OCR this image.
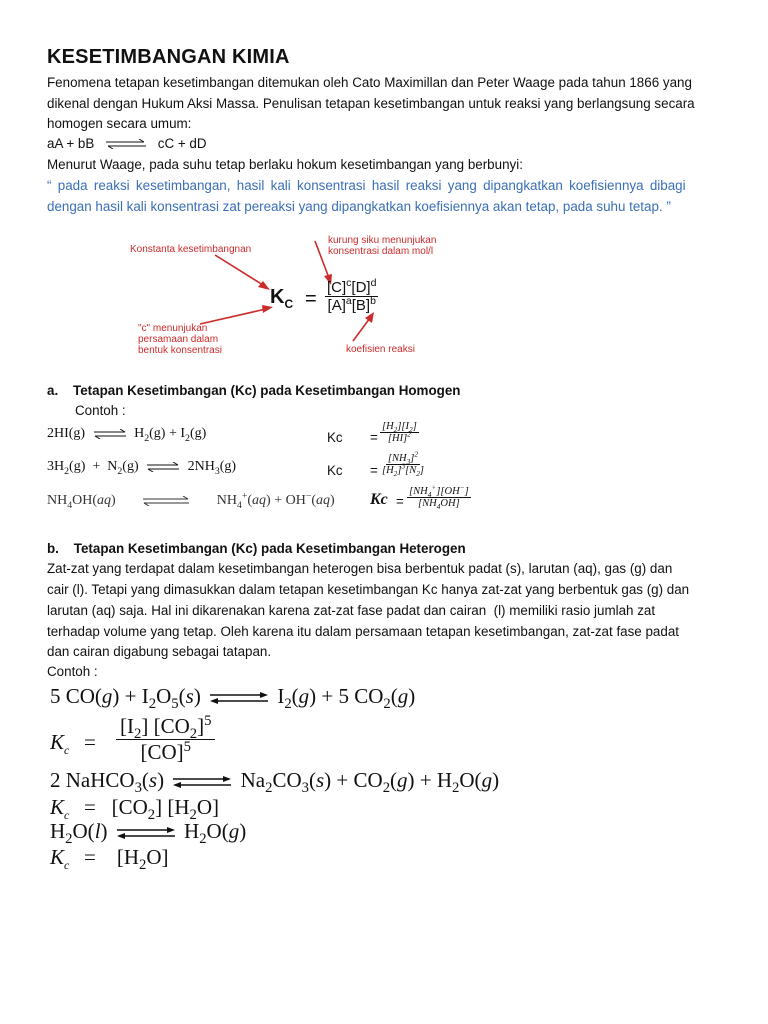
KESETIMBANGAN KIMIA
Fenomena tetapan kesetimbangan ditemukan oleh Cato Maximillan dan Peter Waage pada tahun 1866 yang
dikenal dengan Hukum Aksi Massa. Penulisan tetapan kesetimbangan untuk reaksi yang berlangsung secara
homogen secara umum:
aA + bB ⇌ cC + dD
Menurut Waage, pada suhu tetap berlaku hokum kesetimbangan yang berbunyi:
“ pada reaksi kesetimbangan, hasil kali konsentrasi hasil reaksi yang dipangkatkan koefisiennya dibagi
dengan hasil kali konsentrasi zat pereaksi yang dipangkatkan koefisiennya akan tetap, pada suhu tetap. ”
Konstanta kesetimbangnan
kurung siku menunjukan
konsentrasi dalam mol/l
"c" menunjukan
persamaan dalam
bentuk konsentrasi	koefisien reaksi
$K_C$ =
$[C]^c[D]^d$
$[A]^a[B]^b$
a.    Tetapan Kesetimbangan (Kc) pada Kesetimbangan Homogen
Contoh :
2HI(g) ⇌ $H_2(g) + I_2(g)$	$Kc = \frac{[H_2][I_2]}{[HI]^2}$
$3H_2(g) + N_2(g)$ ⇌ $2NH_3(g)$	$Kc = \frac{[NH_3]^2}{[H_2]^3[N_2]}$
$NH_4OH(aq)$	$NH_4^+(aq) + OH^-(aq) Kc = \frac{[NH_4^+][OH^-]}{[NH_4OH]}$
b.    Tetapan Kesetimbangan (Kc) pada Kesetimbangan Heterogen
Zat-zat yang terdapat dalam kesetimbangan heterogen bisa berbentuk padat (s), larutan (aq), gas (g) dan
cair (l). Tetapi yang dimasukkan dalam tetapan kesetimbangan Kc hanya zat-zat yang berbentuk gas (g) dan
larutan (aq) saja. Hal ini dikarenakan karena zat-zat fase padat dan cairan  (l) memiliki rasio jumlah zat
terhadap volume yang tetap. Oleh karena itu dalam persamaan tetapan kesetimbangan, zat-zat fase padat
dan cairan digabung sebagai tatapan.
Contoh :
5 $CO(g) + I_2O_5(s)$ ⇌ $I_2(g) + 5$ $CO_2(g)$
$K_c = \frac{[I_2] [CO_2]^5}{[CO]^5}$
2 NaHCO$_3$(s) ⇌ $Na_2CO_3(s) + CO_2(g) + H_2O(g)$
$K_c = [CO_2]$ $[H_2O]$
$H_2O(l)$ ⇌ $H_2O(g)$
$K_c$ =    $[H_2O]$
